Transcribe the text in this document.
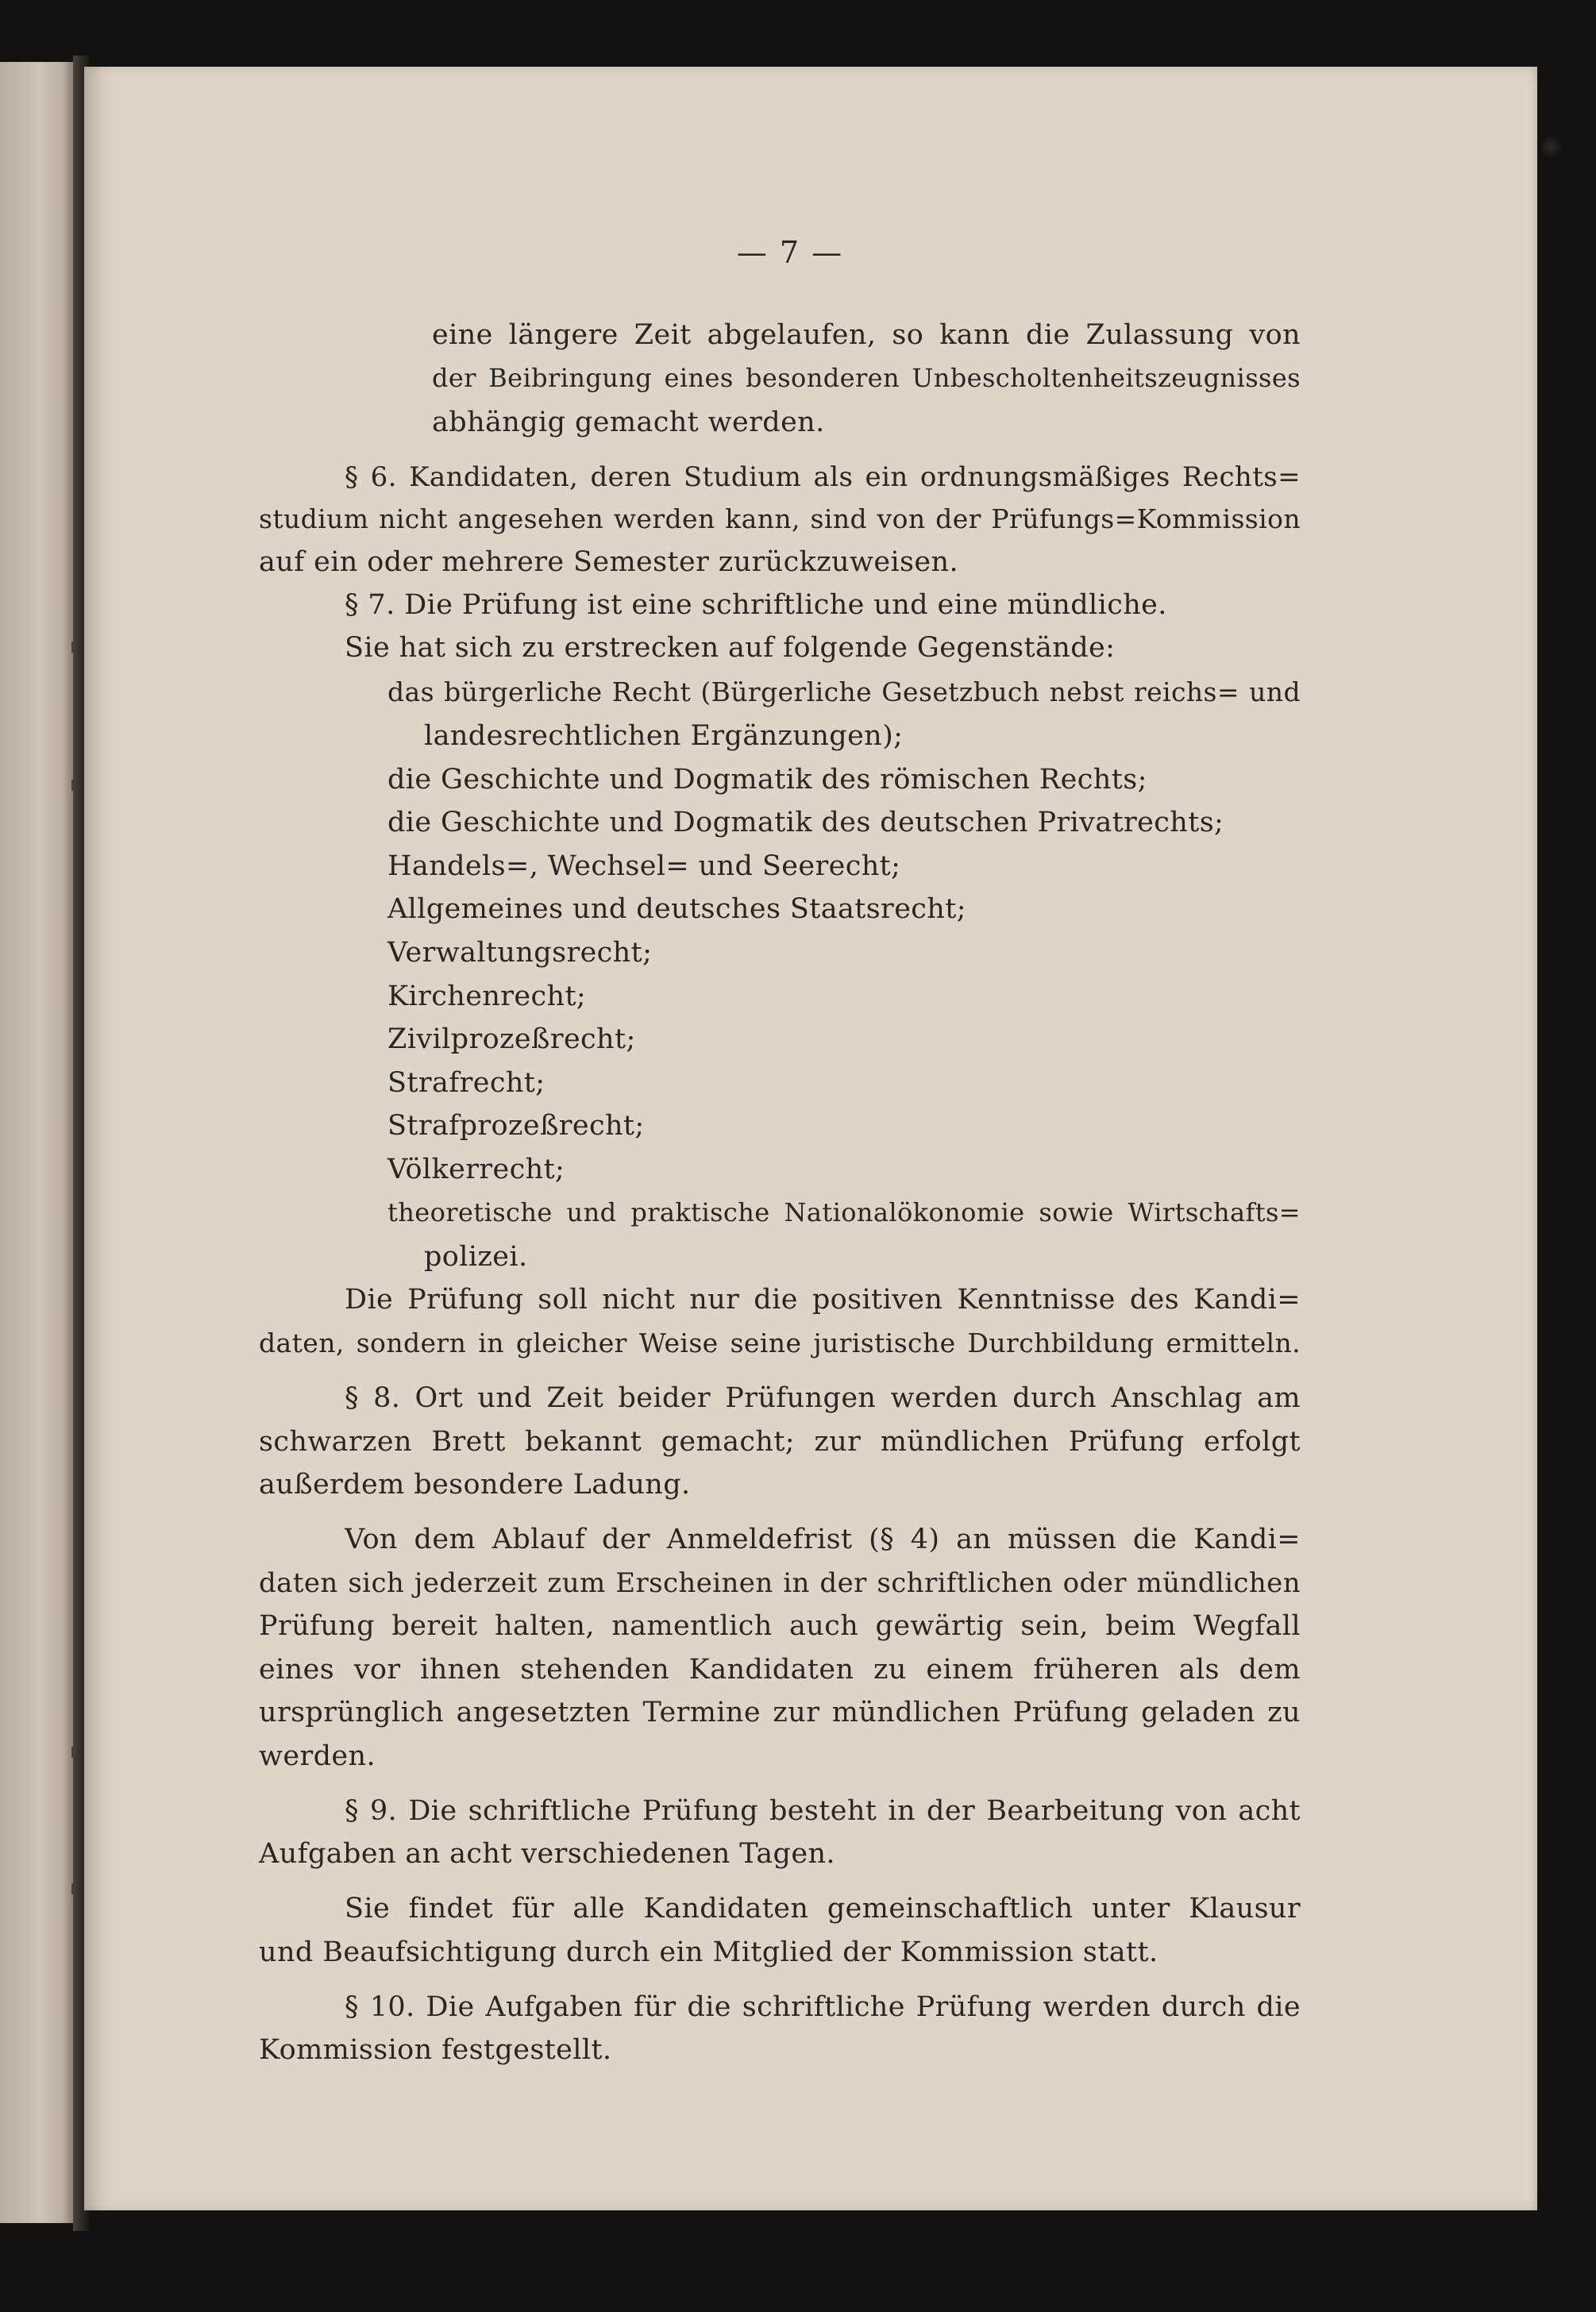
— 7 —
eine längere Zeit abgelaufen, so kann die Zulassung von
der Beibringung eines besonderen Unbescholtenheitszeugnisses
abhängig gemacht werden.
§ 6. Kandidaten, deren Studium als ein ordnungsmäßiges Rechts=
studium nicht angesehen werden kann, sind von der Prüfungs=Kommission
auf ein oder mehrere Semester zurückzuweisen.
§ 7. Die Prüfung ist eine schriftliche und eine mündliche.
Sie hat sich zu erstrecken auf folgende Gegenstände:
das bürgerliche Recht (Bürgerliche Gesetzbuch nebst reichs= und
landesrechtlichen Ergänzungen);
die Geschichte und Dogmatik des römischen Rechts;
die Geschichte und Dogmatik des deutschen Privatrechts;
Handels=, Wechsel= und Seerecht;
Allgemeines und deutsches Staatsrecht;
Verwaltungsrecht;
Kirchenrecht;
Zivilprozeßrecht;
Strafrecht;
Strafprozeßrecht;
Völkerrecht;
theoretische und praktische Nationalökonomie sowie Wirtschafts=
polizei.
Die Prüfung soll nicht nur die positiven Kenntnisse des Kandi=
daten, sondern in gleicher Weise seine juristische Durchbildung ermitteln.
§ 8. Ort und Zeit beider Prüfungen werden durch Anschlag am
schwarzen Brett bekannt gemacht; zur mündlichen Prüfung erfolgt
außerdem besondere Ladung.
Von dem Ablauf der Anmeldefrist (§ 4) an müssen die Kandi=
daten sich jederzeit zum Erscheinen in der schriftlichen oder mündlichen
Prüfung bereit halten, namentlich auch gewärtig sein, beim Wegfall
eines vor ihnen stehenden Kandidaten zu einem früheren als dem
ursprünglich angesetzten Termine zur mündlichen Prüfung geladen zu
werden.
§ 9. Die schriftliche Prüfung besteht in der Bearbeitung von acht
Aufgaben an acht verschiedenen Tagen.
Sie findet für alle Kandidaten gemeinschaftlich unter Klausur
und Beaufsichtigung durch ein Mitglied der Kommission statt.
§ 10. Die Aufgaben für die schriftliche Prüfung werden durch die
Kommission festgestellt.
